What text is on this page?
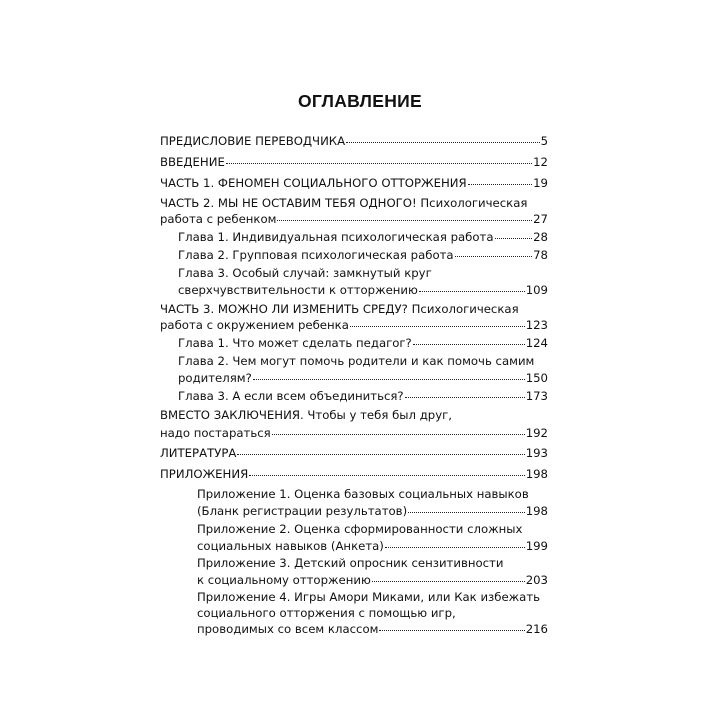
ОГЛАВЛЕНИЕ
ПРЕДИСЛОВИЕ ПЕРЕВОДЧИКА	5
ВВЕДЕНИЕ	12
ЧАСТЬ 1. ФЕНОМЕН СОЦИАЛЬНОГО ОТТОРЖЕНИЯ	19
ЧАСТЬ 2. МЫ НЕ ОСТАВИМ ТЕБЯ ОДНОГО! Психологическая
работа с ребенком	27
Глава 1. Индивидуальная психологическая работа	28
Глава 2. Групповая психологическая работа	78
Глава 3. Особый случай: замкнутый круг
сверхчувствительности к отторжению	109
ЧАСТЬ 3. МОЖНО ЛИ ИЗМЕНИТЬ СРЕДУ? Психологическая
работа с окружением ребенка	123
Глава 1. Что может сделать педагог?	124
Глава 2. Чем могут помочь родители и как помочь самим
родителям?	150
Глава 3. А если всем объединиться?	173
ВМЕСТО ЗАКЛЮЧЕНИЯ. Чтобы у тебя был друг,
надо постараться	192
ЛИТЕРАТУРА	193
ПРИЛОЖЕНИЯ	198
Приложение 1. Оценка базовых социальных навыков
(Бланк регистрации результатов)	198
Приложение 2. Оценка сформированности сложных
социальных навыков (Анкета)	199
Приложение 3. Детский опросник сензитивности
к социальному отторжению	203
Приложение 4. Игры Амори Миками, или Как избежать
социального отторжения с помощью игр,
проводимых со всем классом	216
